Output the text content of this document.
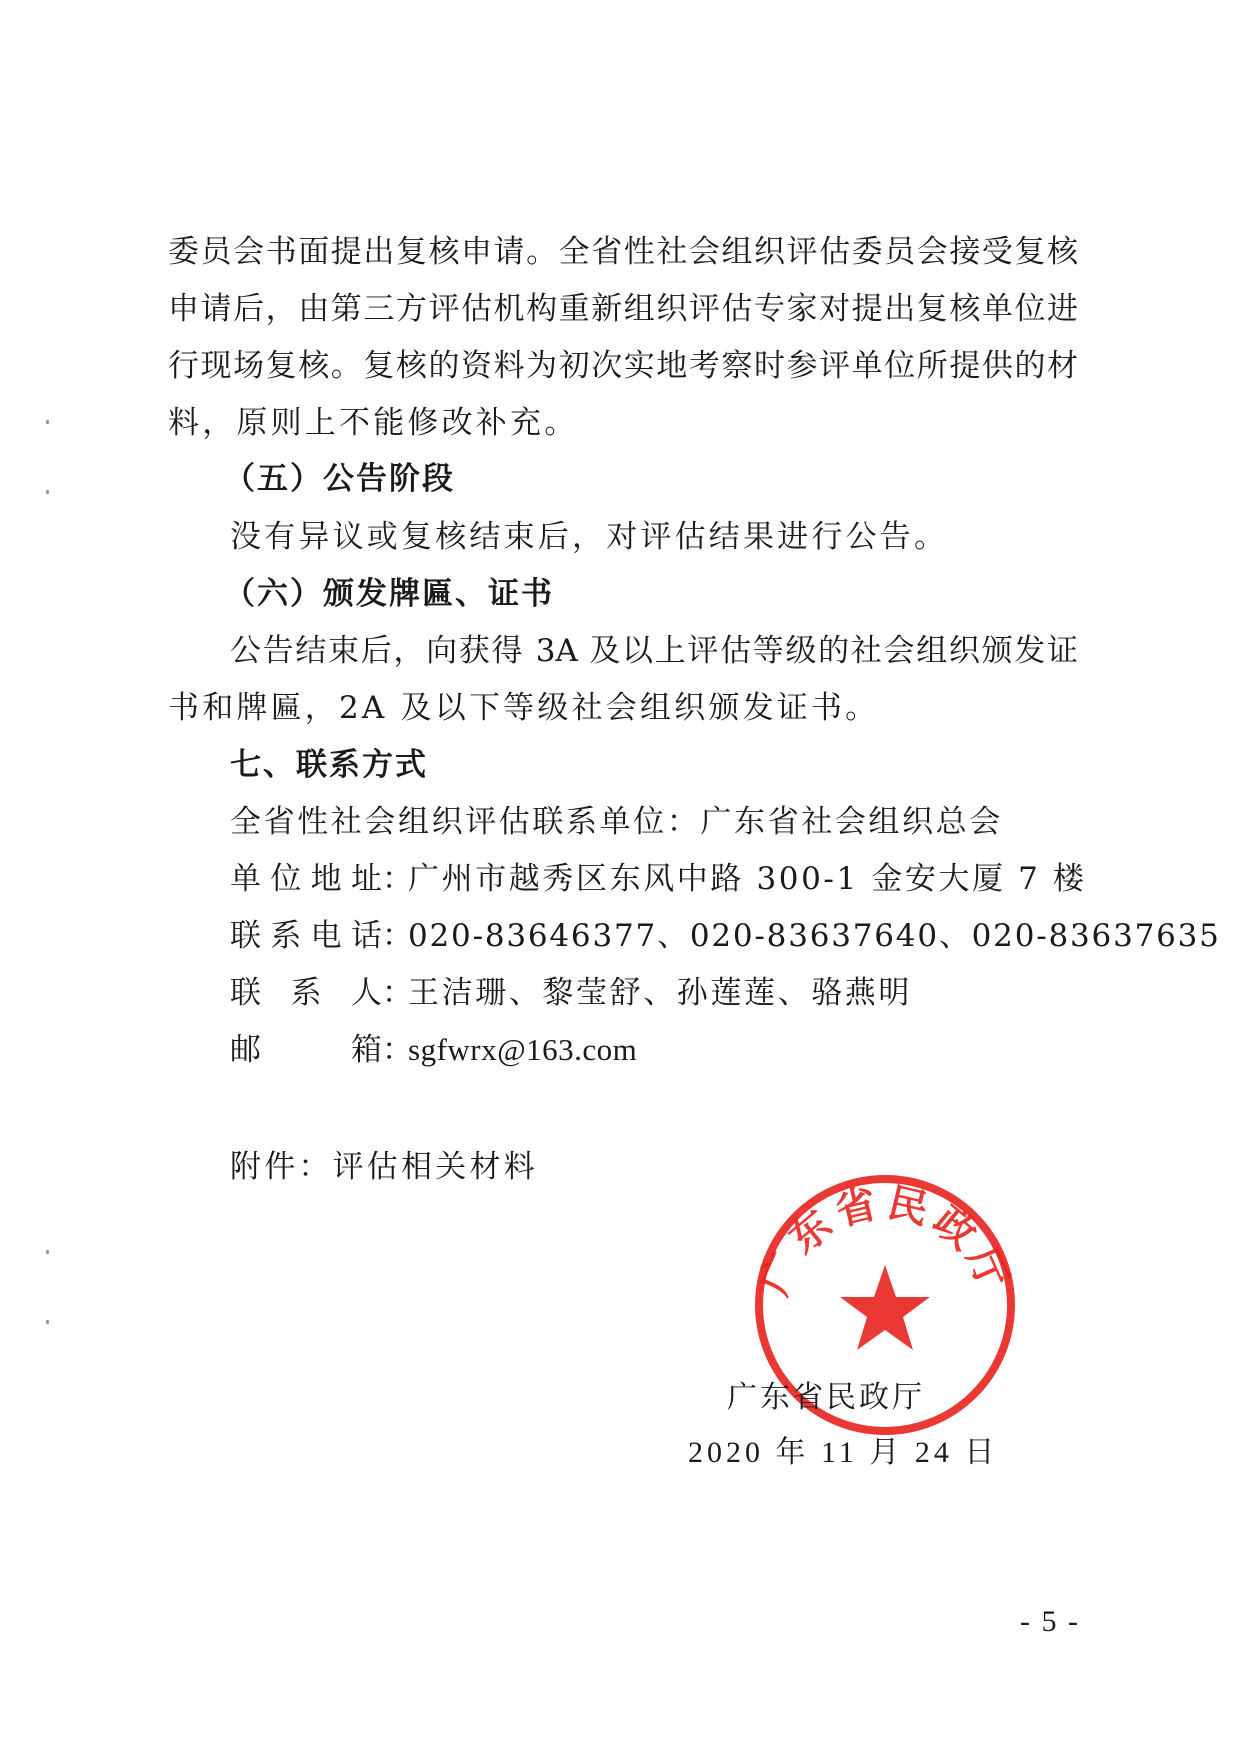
委员会书面提出复核申请。全省性社会组织评估委员会接受复核
申请后，由第三方评估机构重新组织评估专家对提出复核单位进
行现场复核。复核的资料为初次实地考察时参评单位所提供的材
料，原则上不能修改补充。
（五）公告阶段
没有异议或复核结束后，对评估结果进行公告。
（六）颁发牌匾、证书
公告结束后，向获得 3A 及以上评估等级的社会组织颁发证
书和牌匾，2A 及以下等级社会组织颁发证书。
七、联系方式
全省性社会组织评估联系单位：广东省社会组织总会
单位地址：广州市越秀区东风中路 300-1 金安大厦 7 楼
联系电话：020-83646377、020-83637640、020-83637635
联系人：王洁珊、黎莹舒、孙莲莲、骆燕明
邮箱：sgfwrx@163.com
附件：评估相关材料
广东省民政厅
广东省民政厅
2020 年 11 月 24 日
- 5 -
